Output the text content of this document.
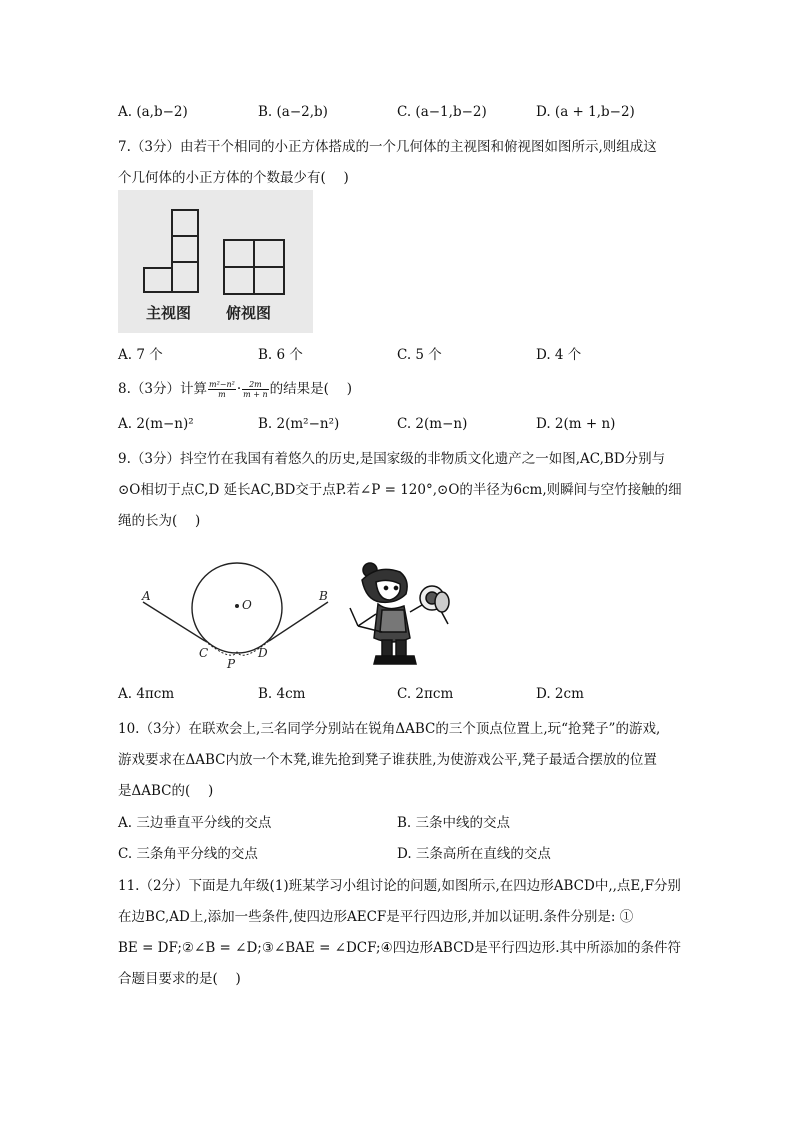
A. (a,b−2)	B. (a−2,b)	C. (a−1,b−2)	D. (a + 1,b−2)
7.（3分）由若干个相同的小正方体搭成的一个几何体的主视图和俯视图如图所示,则组成这
个几何体的小正方体的个数最少有(　 )
主视图 俯视图
A. 7 个	B. 6 个	C. 5 个	D. 4 个
8.（3分）计算 $\frac{\text{m²−n²}}{m} \cdot \frac{2m}{m + n}$ 的结果是(　 )
A. 2(m−n)²	B. 2(m²−n²)	C. 2(m−n)	D. 2(m + n)
9.（3分）抖空竹在我国有着悠久的历史,是国家级的非物质文化遗产之一如图,AC,BD分别与
⊙O相切于点C,D 延长AC,BD交于点P.若∠P = 120°,⊙O的半径为6cm,则瞬间与空竹接触的细
绳的长为(　 )
A	B
O
C	D
P
A. 4πcm	B. 4cm	C. 2πcm	D. 2cm
10.（3分）在联欢会上,三名同学分别站在锐角ΔABC的三个顶点位置上,玩“抢凳子”的游戏,
游戏要求在ΔABC内放一个木凳,谁先抢到凳子谁获胜,为使游戏公平,凳子最适合摆放的位置
是ΔABC的(　 )
A. 三边垂直平分线的交点	B. 三条中线的交点
C. 三条角平分线的交点	D. 三条高所在直线的交点
11.（2分）下面是九年级(1)班某学习小组讨论的问题,如图所示,在四边形ABCD中,,点E,F分别
在边BC,AD上,添加一些条件,使四边形AECF是平行四边形,并加以证明.条件分别是: ①
BE = DF;②∠B = ∠D;③∠BAE = ∠DCF;④四边形ABCD是平行四边形.其中所添加的条件符
合题目要求的是(　 )
